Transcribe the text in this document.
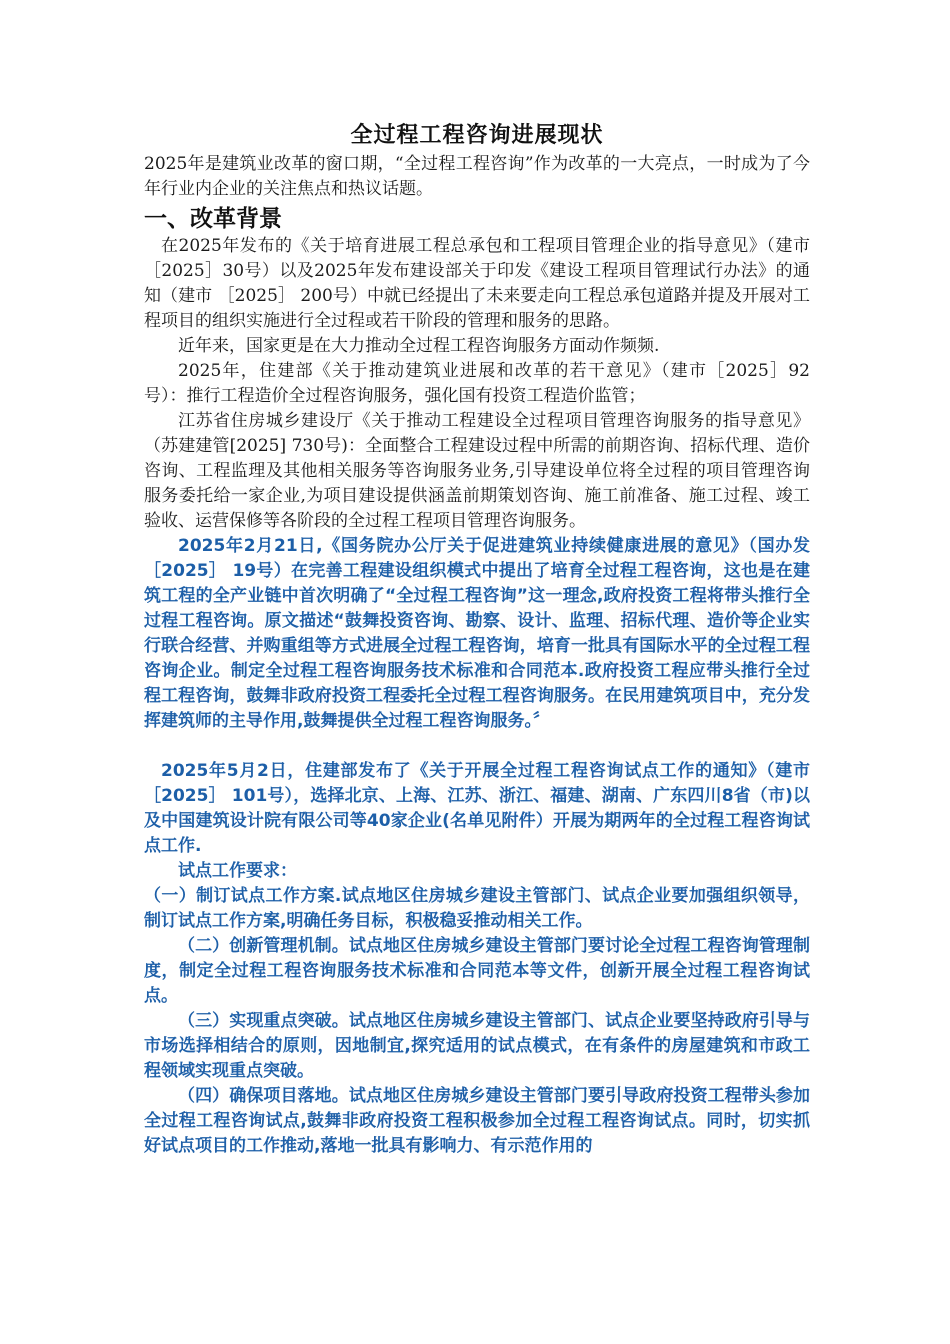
全过程工程咨询进展现状

2025年是建筑业改革的窗口期，“全过程工程咨询”作为改革的一大亮点，一时成为了今年行业内企业的关注焦点和热议话题。

一、改革背景

在2025年发布的《关于培育进展工程总承包和工程项目管理企业的指导意见》（建市［2025］30号）以及2025年发布建设部关于印发《建设工程项目管理试行办法》的通知（建市 ［2025］ 200号）中就已经提出了未来要走向工程总承包道路并提及开展对工程项目的组织实施进行全过程或若干阶段的管理和服务的思路。

近年来，国家更是在大力推动全过程工程咨询服务方面动作频频.

2025年，住建部《关于推动建筑业进展和改革的若干意见》（建市［2025］92号）：推行工程造价全过程咨询服务，强化国有投资工程造价监管；

江苏省住房城乡建设厅《关于推动工程建设全过程项目管理咨询服务的指导意见》（苏建建管[2025] 730号)：全面整合工程建设过程中所需的前期咨询、招标代理、造价咨询、工程监理及其他相关服务等咨询服务业务,引导建设单位将全过程的项目管理咨询服务委托给一家企业,为项目建设提供涵盖前期策划咨询、施工前准备、施工过程、竣工验收、运营保修等各阶段的全过程工程项目管理咨询服务。

2025年2月21日,《国务院办公厅关于促进建筑业持续健康进展的意见》（国办发 ［2025］ 19号）在完善工程建设组织模式中提出了培育全过程工程咨询，这也是在建筑工程的全产业链中首次明确了“全过程工程咨询”这一理念,政府投资工程将带头推行全过程工程咨询。原文描述“鼓舞投资咨询、勘察、设计、监理、招标代理、造价等企业实行联合经营、并购重组等方式进展全过程工程咨询，培育一批具有国际水平的全过程工程咨询企业。制定全过程工程咨询服务技术标准和合同范本.政府投资工程应带头推行全过程工程咨询，鼓舞非政府投资工程委托全过程工程咨询服务。在民用建筑项目中，充分发挥建筑师的主导作用,鼓舞提供全过程工程咨询服务。〞

2025年5月2日，住建部发布了《关于开展全过程工程咨询试点工作的通知》（建市［2025］ 101号），选择北京、上海、江苏、浙江、福建、湖南、广东四川8省（市)以及中国建筑设计院有限公司等40家企业(名单见附件）开展为期两年的全过程工程咨询试点工作.

试点工作要求：

（一）制订试点工作方案.试点地区住房城乡建设主管部门、试点企业要加强组织领导，制订试点工作方案,明确任务目标，积极稳妥推动相关工作。

（二）创新管理机制。试点地区住房城乡建设主管部门要讨论全过程工程咨询管理制度，制定全过程工程咨询服务技术标准和合同范本等文件，创新开展全过程工程咨询试点。

（三）实现重点突破。试点地区住房城乡建设主管部门、试点企业要坚持政府引导与市场选择相结合的原则，因地制宜,探究适用的试点模式，在有条件的房屋建筑和市政工程领域实现重点突破。

（四）确保项目落地。试点地区住房城乡建设主管部门要引导政府投资工程带头参加全过程工程咨询试点,鼓舞非政府投资工程积极参加全过程工程咨询试点。同时，切实抓好试点项目的工作推动,落地一批具有影响力、有示范作用的
